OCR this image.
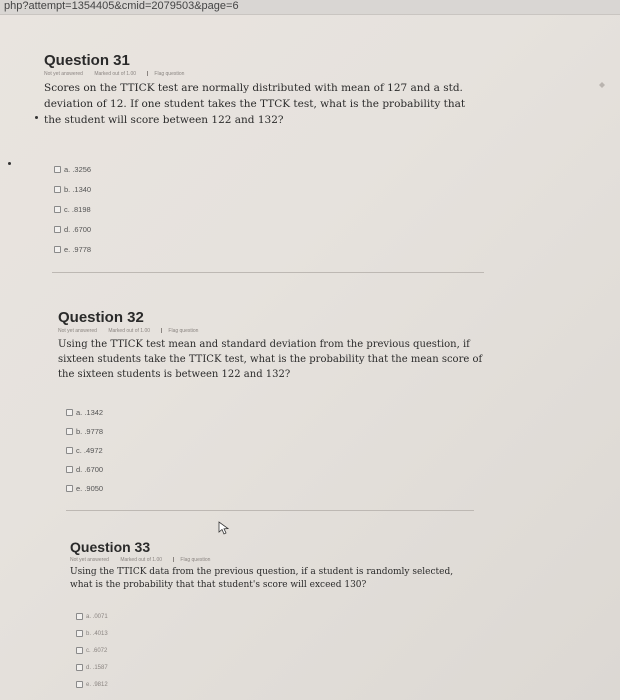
php?attempt=1354405&cmid=2079503&page=6
Question 31
Not yet answered Marked out of 1.00	Flag question
Scores on the TTICK test are normally distributed with mean of 127 and a std. deviation of 12. If one student takes the TTCK test, what is the probability that the student will score between 122 and 132?
a. .3256
b. .1340
c. .8198
d. .6700
e. .9778
Question 32
Not yet answered Marked out of 1.00	Flag question
Using the TTICK test mean and standard deviation from the previous question, if sixteen students take the TTICK test, what is the probability that the mean score of the sixteen students is between 122 and 132?
a. .1342
b. .9778
c. .4972
d. .6700
e. .9050
Question 33
Not yet answered Marked out of 1.00	Flag question
Using the TTICK data from the previous question, if a student is randomly selected, what is the probability that that student's score will exceed 130?
a. .0071
b. .4013
c. .6072
d. .1587
e. .9812
